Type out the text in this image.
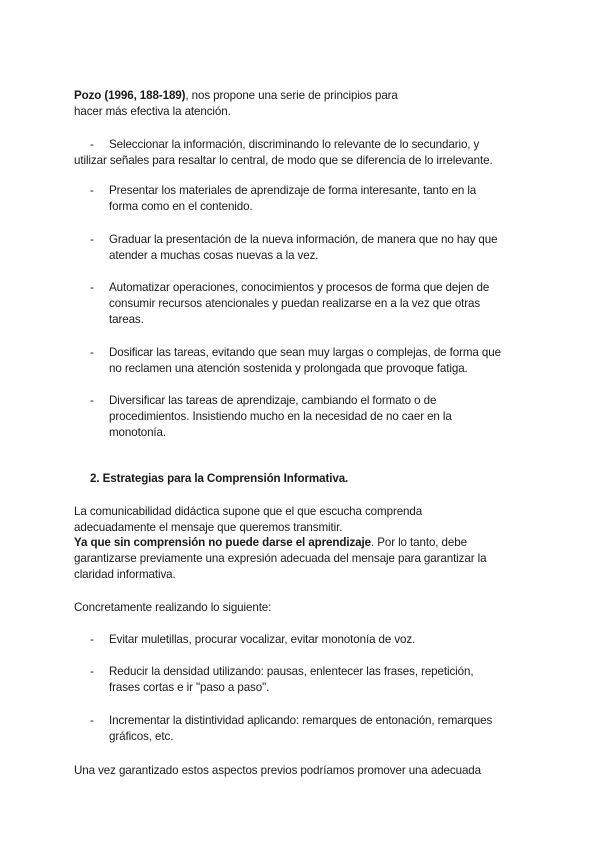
Pozo (1996, 188-189), nos propone una serie de principios para
hacer más efectiva la atención.
- Seleccionar la información, discriminando lo relevante de lo secundario, y
utilizar señales para resaltar lo central, de modo que se diferencia de lo irrelevante.
- Presentar los materiales de aprendizaje de forma interesante, tanto en la
forma como en el contenido.
- Graduar la presentación de la nueva información, de manera que no hay que
atender a muchas cosas nuevas a la vez.
- Automatizar operaciones, conocimientos y procesos de forma que dejen de
consumir recursos atencionales y puedan realizarse en a la vez que otras
tareas.
- Dosificar las tareas, evitando que sean muy largas o complejas, de forma que
no reclamen una atención sostenida y prolongada que provoque fatiga.
- Diversificar las tareas de aprendizaje, cambiando el formato o de
procedimientos. Insistiendo mucho en la necesidad de no caer en la
monotonía.
2. Estrategias para la Comprensión Informativa.
La comunicabilidad didáctica supone que el que escucha comprenda
adecuadamente el mensaje que queremos transmitir.
Ya que sin comprensión no puede darse el aprendizaje. Por lo tanto, debe
garantizarse previamente una expresión adecuada del mensaje para garantizar la
claridad informativa.
Concretamente realizando lo siguiente:
- Evitar muletillas, procurar vocalizar, evitar monotonía de voz.
- Reducir la densidad utilizando: pausas, enlentecer las frases, repetición,
frases cortas e ir "paso a paso".
- Incrementar la distintividad aplicando: remarques de entonación, remarques
gráficos, etc.
Una vez garantizado estos aspectos previos podríamos promover una adecuada
